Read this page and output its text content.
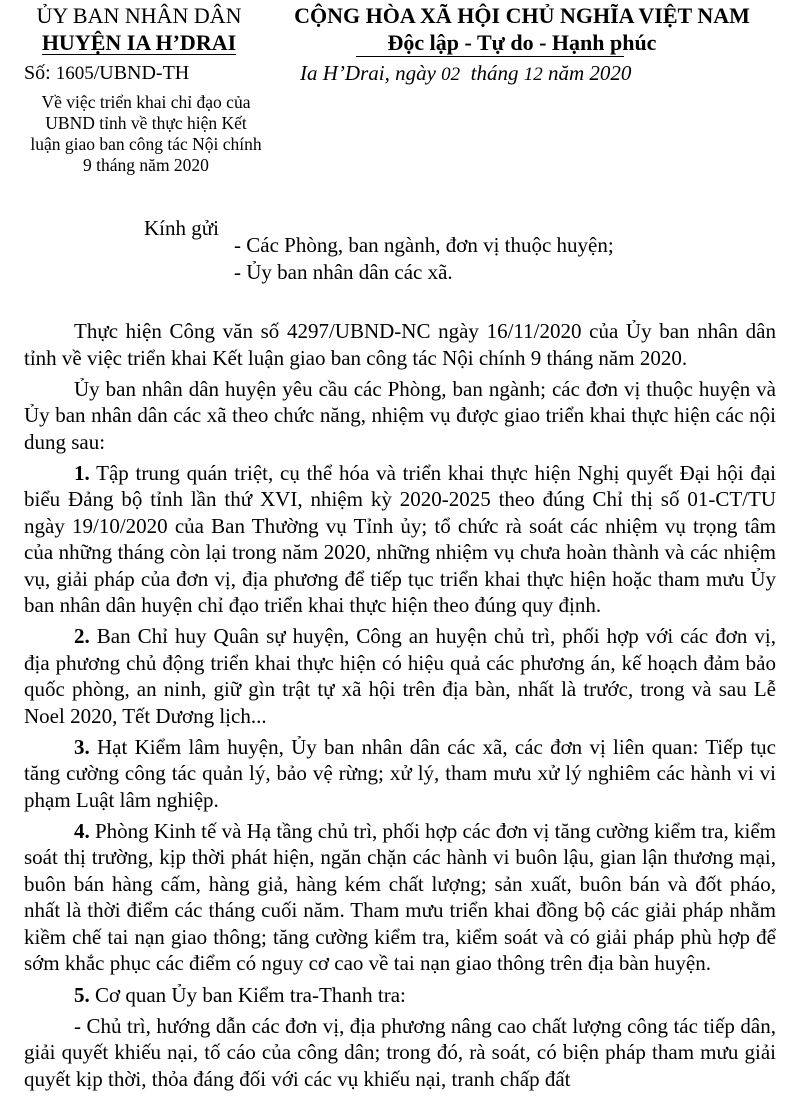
ỦY BAN NHÂN DÂN
HUYỆN IA H’DRAI
CỘNG HÒA XÃ HỘI CHỦ NGHĨA VIỆT NAM
Độc lập - Tự do - Hạnh phúc
Số: 1605/UBND-TH	Ia H’Drai, ngày 02 tháng 12 năm 2020
Về việc triển khai chỉ đạo của
UBND tỉnh về thực hiện Kết
luận giao ban công tác Nội chính
9 tháng năm 2020
Kính gửi
- Các Phòng, ban ngành, đơn vị thuộc huyện;
- Ủy ban nhân dân các xã.

Thực hiện Công văn số 4297/UBND-NC ngày 16/11/2020 của Ủy ban nhân dân tỉnh về việc triển khai Kết luận giao ban công tác Nội chính 9 tháng năm 2020.

Ủy ban nhân dân huyện yêu cầu các Phòng, ban ngành; các đơn vị thuộc huyện và Ủy ban nhân dân các xã theo chức năng, nhiệm vụ được giao triển khai thực hiện các nội dung sau:

1. Tập trung quán triệt, cụ thể hóa và triển khai thực hiện Nghị quyết Đại hội đại biểu Đảng bộ tỉnh lần thứ XVI, nhiệm kỳ 2020-2025 theo đúng Chỉ thị số 01-CT/TU ngày 19/10/2020 của Ban Thường vụ Tỉnh ủy; tổ chức rà soát các nhiệm vụ trọng tâm của những tháng còn lại trong năm 2020, những nhiệm vụ chưa hoàn thành và các nhiệm vụ, giải pháp của đơn vị, địa phương để tiếp tục triển khai thực hiện hoặc tham mưu Ủy ban nhân dân huyện chỉ đạo triển khai thực hiện theo đúng quy định.

2. Ban Chỉ huy Quân sự huyện, Công an huyện chủ trì, phối hợp với các đơn vị, địa phương chủ động triển khai thực hiện có hiệu quả các phương án, kế hoạch đảm bảo quốc phòng, an ninh, giữ gìn trật tự xã hội trên địa bàn, nhất là trước, trong và sau Lễ Noel 2020, Tết Dương lịch...

3. Hạt Kiểm lâm huyện, Ủy ban nhân dân các xã, các đơn vị liên quan: Tiếp tục tăng cường công tác quản lý, bảo vệ rừng; xử lý, tham mưu xử lý nghiêm các hành vi vi phạm Luật lâm nghiệp.

4. Phòng Kinh tế và Hạ tầng chủ trì, phối hợp các đơn vị tăng cường kiểm tra, kiểm soát thị trường, kịp thời phát hiện, ngăn chặn các hành vi buôn lậu, gian lận thương mại, buôn bán hàng cấm, hàng giả, hàng kém chất lượng; sản xuất, buôn bán và đốt pháo, nhất là thời điểm các tháng cuối năm. Tham mưu triển khai đồng bộ các giải pháp nhằm kiềm chế tai nạn giao thông; tăng cường kiểm tra, kiểm soát và có giải pháp phù hợp để sớm khắc phục các điểm có nguy cơ cao về tai nạn giao thông trên địa bàn huyện.

5. Cơ quan Ủy ban Kiểm tra-Thanh tra:

- Chủ trì, hướng dẫn các đơn vị, địa phương nâng cao chất lượng công tác tiếp dân, giải quyết khiếu nại, tố cáo của công dân; trong đó, rà soát, có biện pháp tham mưu giải quyết kịp thời, thỏa đáng đối với các vụ khiếu nại, tranh chấp đất
